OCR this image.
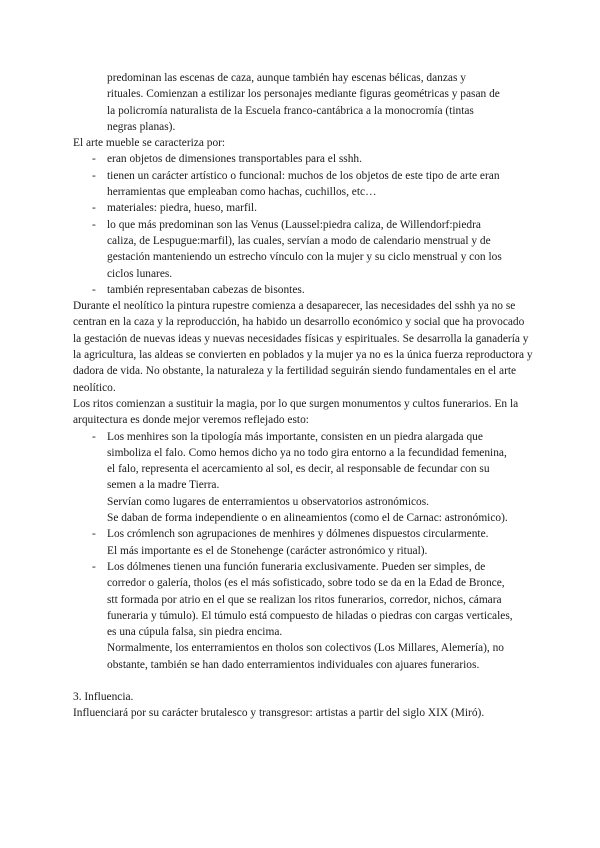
predominan las escenas de caza, aunque también hay escenas bélicas, danzas y rituales. Comienzan a estilizar los personajes mediante figuras geométricas y pasan de la policromía naturalista de la Escuela franco-cantábrica a la monocromía (tintas negras planas).

El arte mueble se caracteriza por:

- eran objetos de dimensiones transportables para el sshh.
- tienen un carácter artístico o funcional: muchos de los objetos de este tipo de arte eran herramientas que empleaban como hachas, cuchillos, etc…
- materiales: piedra, hueso, marfil.
- lo que más predominan son las Venus (Laussel:piedra caliza, de Willendorf:piedra caliza, de Lespugue:marfil), las cuales, servían a modo de calendario menstrual y de gestación manteniendo un estrecho vínculo con la mujer y su ciclo menstrual y con los ciclos lunares.
- también representaban cabezas de bisontes.

Durante el neolítico la pintura rupestre comienza a desaparecer, las necesidades del sshh ya no se centran en la caza y la reproducción, ha habido un desarrollo económico y social que ha provocado la gestación de nuevas ideas y nuevas necesidades físicas y espirituales. Se desarrolla la ganadería y la agricultura, las aldeas se convierten en poblados y la mujer ya no es la única fuerza reproductora y dadora de vida. No obstante, la naturaleza y la fertilidad seguirán siendo fundamentales en el arte neolítico.

Los ritos comienzan a sustituir la magia, por lo que surgen monumentos y cultos funerarios. En la arquitectura es donde mejor veremos reflejado esto:

- Los menhires son la tipología más importante, consisten en un piedra alargada que simboliza el falo. Como hemos dicho ya no todo gira entorno a la fecundidad femenina, el falo, representa el acercamiento al sol, es decir, al responsable de fecundar con su semen a la madre Tierra.
Servían como lugares de enterramientos u observatorios astronómicos.
Se daban de forma independiente o en alineamientos (como el de Carnac: astronómico).
- Los crómlench son agrupaciones de menhires y dólmenes dispuestos circularmente.
El más importante es el de Stonehenge (carácter astronómico y ritual).
- Los dólmenes tienen una función funeraria exclusivamente. Pueden ser simples, de corredor o galería, tholos (es el más sofisticado, sobre todo se da en la Edad de Bronce, stt formada por atrio en el que se realizan los ritos funerarios, corredor, nichos, cámara funeraria y túmulo). El túmulo está compuesto de hiladas o piedras con cargas verticales, es una cúpula falsa, sin piedra encima.
Normalmente, los enterramientos en tholos son colectivos (Los Millares, Alemería), no obstante, también se han dado enterramientos individuales con ajuares funerarios.

3. Influencia.

Influenciará por su carácter brutalesco y transgresor: artistas a partir del siglo XIX (Miró).
